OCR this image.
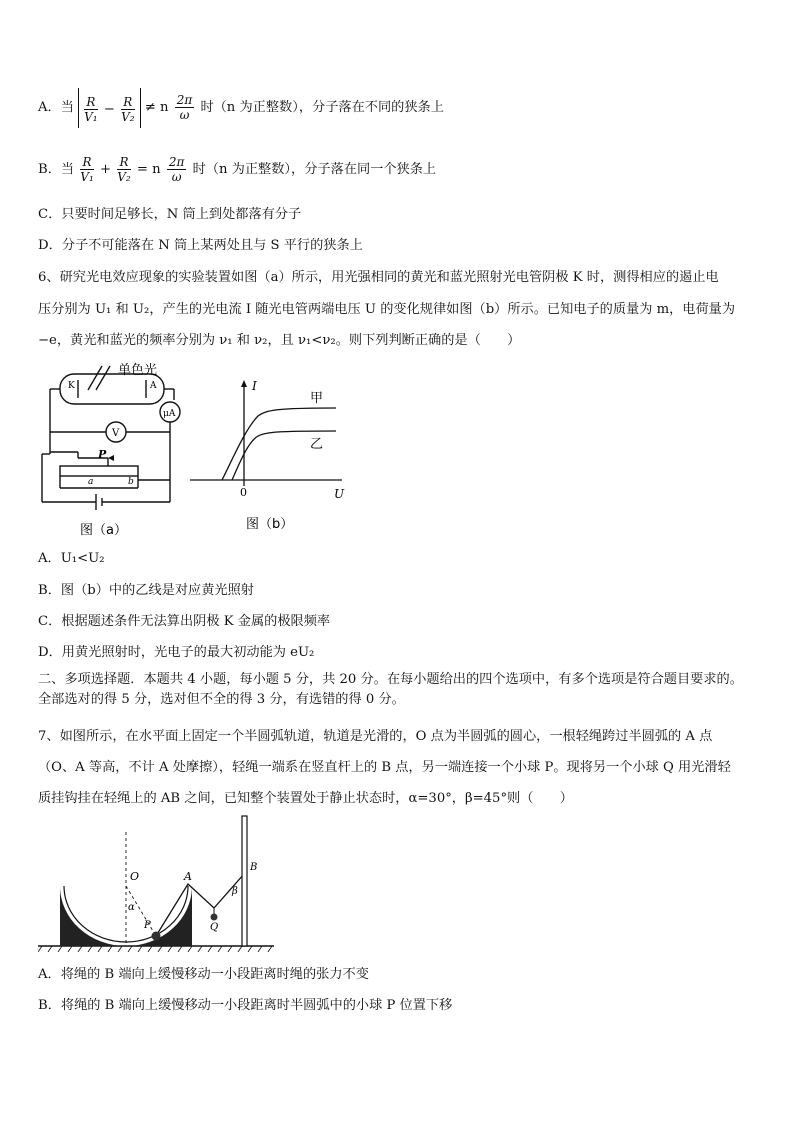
A．当 $\frac{R}{\text{V₁}} - \frac{R}{\text{V₂}} \ne n \frac{2\pi}{\omega}$ 时（n 为正整数），分子落在不同的狭条上
B．当 $\frac{R}{\text{V₁}} + \frac{R}{\text{V₂}} = n \frac{2\pi}{\omega}$ 时（n 为正整数），分子落在同一个狭条上
C．只要时间足够长，N 筒上到处都落有分子
D．分子不可能落在 N 筒上某两处且与 S 平行的狭条上
6、研究光电效应现象的实验装置如图（a）所示，用光强相同的黄光和蓝光照射光电管阴极 K 时，测得相应的遏止电
压分别为 U₁ 和 U₂，产生的光电流 I 随光电管两端电压 U 的变化规律如图（b）所示。已知电子的质量为 m，电荷量为
−e，黄光和蓝光的频率分别为 ν₁ 和 ν₂，且 ν₁<ν₂。则下列判断正确的是（　　）
单色光
K	A
μA
V
P
a	b
图（a）
I
U
0
甲
乙
图（b）
A．U₁<U₂
B．图（b）中的乙线是对应黄光照射
C．根据题述条件无法算出阴极 K 金属的极限频率
D．用黄光照射时，光电子的最大初动能为 eU₂
二、多项选择题．本题共 4 小题，每小题 5 分，共 20 分。在每小题给出的四个选项中，有多个选项是符合题目要求的。
全部选对的得 5 分，选对但不全的得 3 分，有选错的得 0 分。
7、如图所示，在水平面上固定一个半圆弧轨道，轨道是光滑的，O 点为半圆弧的圆心，一根轻绳跨过半圆弧的 A 点
（O、A 等高，不计 A 处摩擦），轻绳一端系在竖直杆上的 B 点，另一端连接一个小球 P。现将另一个小球 Q 用光滑轻
质挂钩挂在轻绳上的 AB 之间，已知整个装置处于静止状态时，α=30°，β=45°则（　　）
O	A
B
P	Q
α
β
A．将绳的 B 端向上缓慢移动一小段距离时绳的张力不变
B．将绳的 B 端向上缓慢移动一小段距离时半圆弧中的小球 P 位置下移
